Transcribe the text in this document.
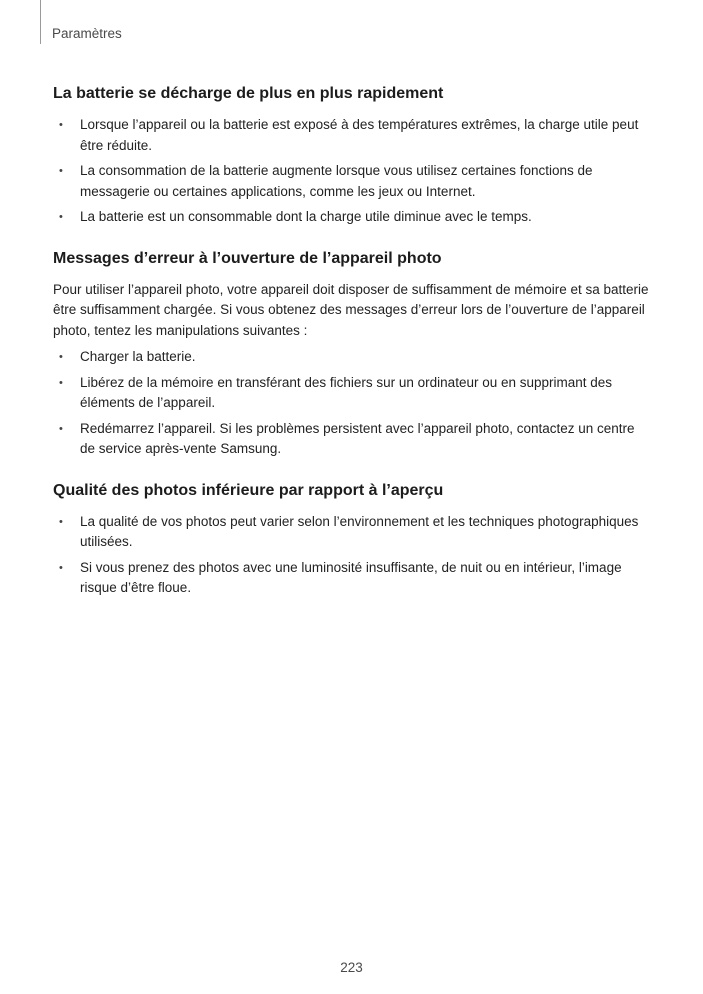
Paramètres
La batterie se décharge de plus en plus rapidement
• Lorsque l’appareil ou la batterie est exposé à des températures extrêmes, la charge utile peut être réduite.
• La consommation de la batterie augmente lorsque vous utilisez certaines fonctions de messagerie ou certaines applications, comme les jeux ou Internet.
• La batterie est un consommable dont la charge utile diminue avec le temps.
Messages d’erreur à l’ouverture de l’appareil photo

Pour utiliser l’appareil photo, votre appareil doit disposer de suffisamment de mémoire et sa batterie être suffisamment chargée. Si vous obtenez des messages d’erreur lors de l’ouverture de l’appareil photo, tentez les manipulations suivantes :

• Charger la batterie.
• Libérez de la mémoire en transférant des fichiers sur un ordinateur ou en supprimant des éléments de l’appareil.
• Redémarrez l’appareil. Si les problèmes persistent avec l’appareil photo, contactez un centre de service après-vente Samsung.
Qualité des photos inférieure par rapport à l’aperçu
• La qualité de vos photos peut varier selon l’environnement et les techniques photographiques utilisées.
• Si vous prenez des photos avec une luminosité insuffisante, de nuit ou en intérieur, l’image risque d’être floue.
223
